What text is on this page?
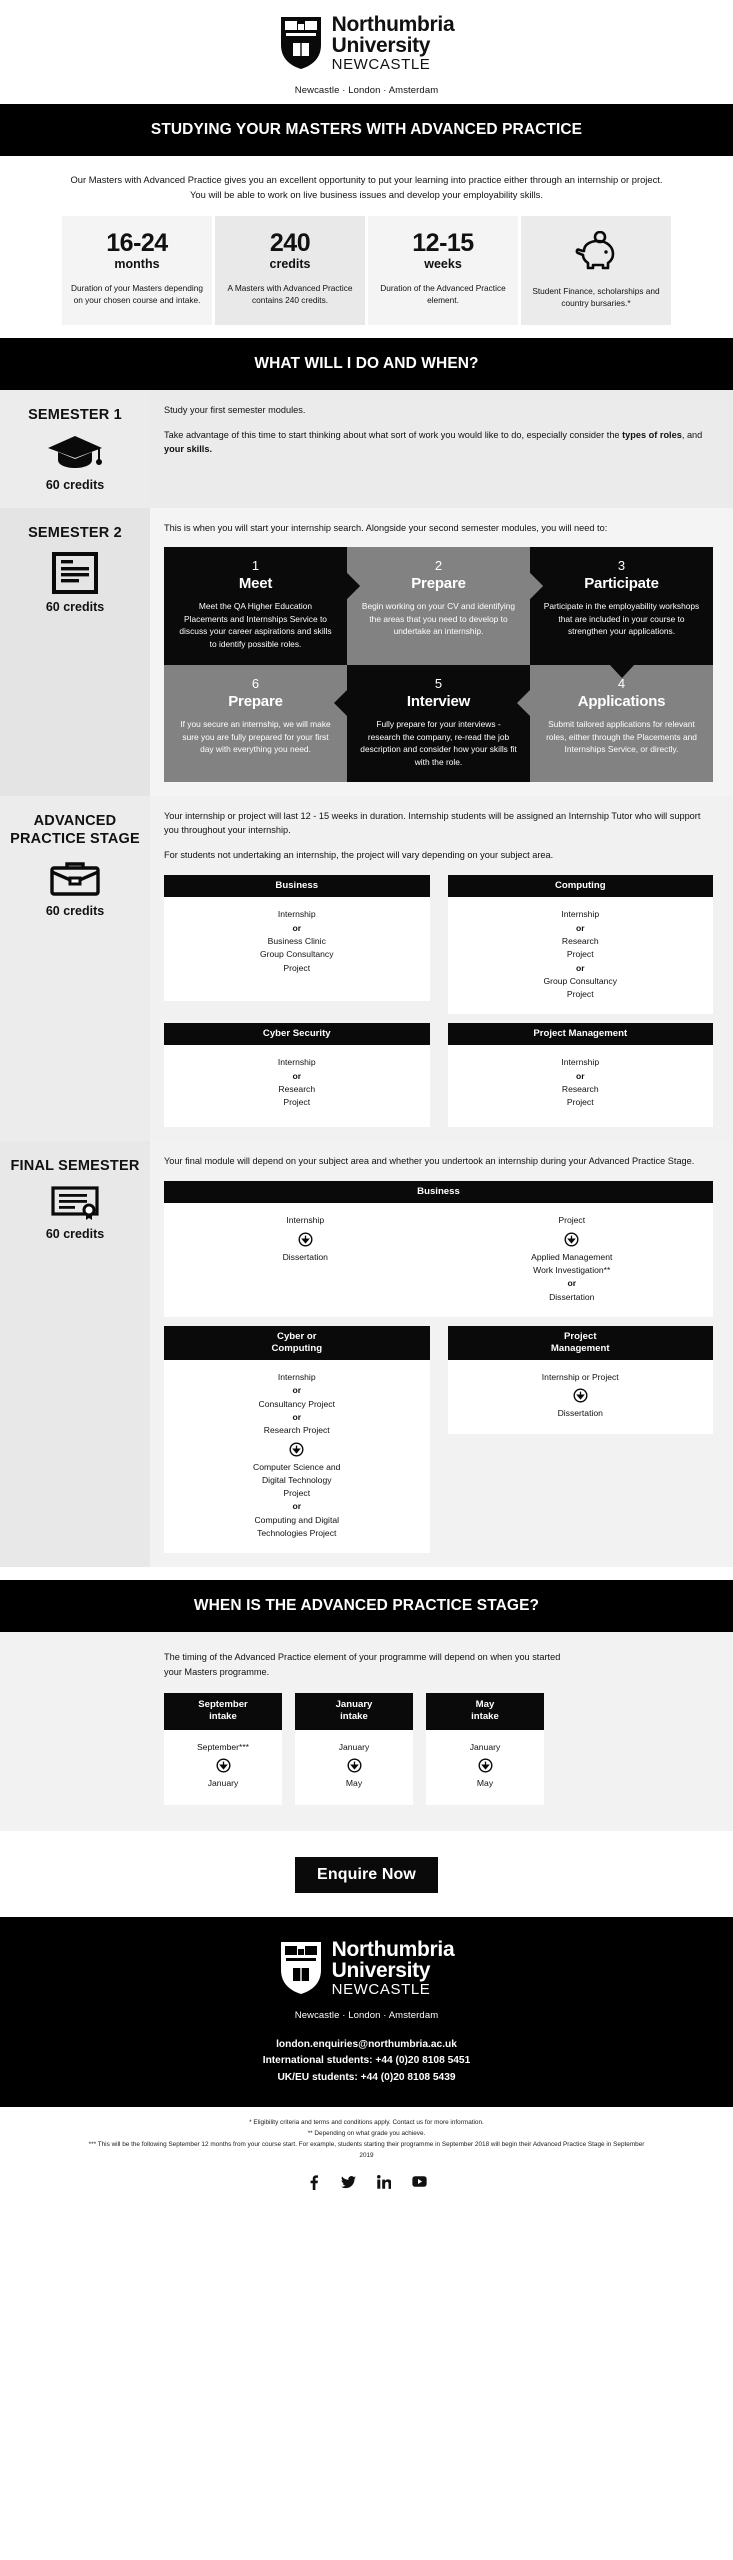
Northumbria
University
NEWCASTLE
Newcastle · London · Amsterdam
STUDYING YOUR MASTERS WITH ADVANCED PRACTICE
Our Masters with Advanced Practice gives you an excellent opportunity to put your learning into practice either through an internship or project. You will be able to work on live business issues and develop your employability skills.
16-24
months
Duration of your Masters depending on your chosen course and intake.
240
credits
A Masters with Advanced Practice contains 240 credits.
12-15
weeks
Duration of the Advanced Practice element.
Student Finance, scholarships and country bursaries.*
WHAT WILL I DO AND WHEN?
SEMESTER 1
60 credits
Study your first semester modules.
Take advantage of this time to start thinking about what sort of work you would like to do, especially consider the types of roles, and your skills.
SEMESTER 2
60 credits
This is when you will start your internship search. Alongside your second semester modules, you will need to:
1
Meet
Meet the QA Higher Education Placements and Internships Service to discuss your career aspirations and skills to identify possible roles.
2
Prepare
Begin working on your CV and identifying the areas that you need to develop to undertake an internship.
3
Participate
Participate in the employability workshops that are included in your course to strengthen your applications.
6
Prepare
If you secure an internship, we will make sure you are fully prepared for your first day with everything you need.
5
Interview
Fully prepare for your interviews - research the company, re-read the job description and consider how your skills fit with the role.
4
Applications
Submit tailored applications for relevant roles, either through the Placements and Internships Service, or directly.
ADVANCED PRACTICE STAGE
60 credits
Your internship or project will last 12 - 15 weeks in duration. Internship students will be assigned an Internship Tutor who will support you throughout your internship.
For students not undertaking an internship, the project will vary depending on your subject area.
Business
Internship
or
Business Clinic
Group Consultancy
Project
Computing
Internship
or
Research
Project
or
Group Consultancy
Project
Cyber Security
Internship
or
Research
Project
Project Management
Internship
or
Research
Project
FINAL SEMESTER
60 credits
Your final module will depend on your subject area and whether you undertook an internship during your Advanced Practice Stage.
Business
Internship
Dissertation
Project
Applied Management
Work Investigation**
or
Dissertation
Cyber or
Computing
Internship
or
Consultancy Project
or
Research Project
Computer Science and
Digital Technology
Project
or
Computing and Digital
Technologies Project
Project
Management
Internship or Project
Dissertation
WHEN IS THE ADVANCED PRACTICE STAGE?
The timing of the Advanced Practice element of your programme will depend on when you started your Masters programme.
September
intake
September***
January
January
intake
January
May
May
intake
January
May
Enquire Now
Northumbria
University
NEWCASTLE
Newcastle · London · Amsterdam
london.enquiries@northumbria.ac.uk
International students: +44 (0)20 8108 5451
UK/EU students: +44 (0)20 8108 5439
* Eligibility criteria and terms and conditions apply. Contact us for more information.
** Depending on what grade you achieve.
*** This will be the following September 12 months from your course start. For example, students starting their programme in September 2018 will begin their Advanced Practice Stage in September 2019
